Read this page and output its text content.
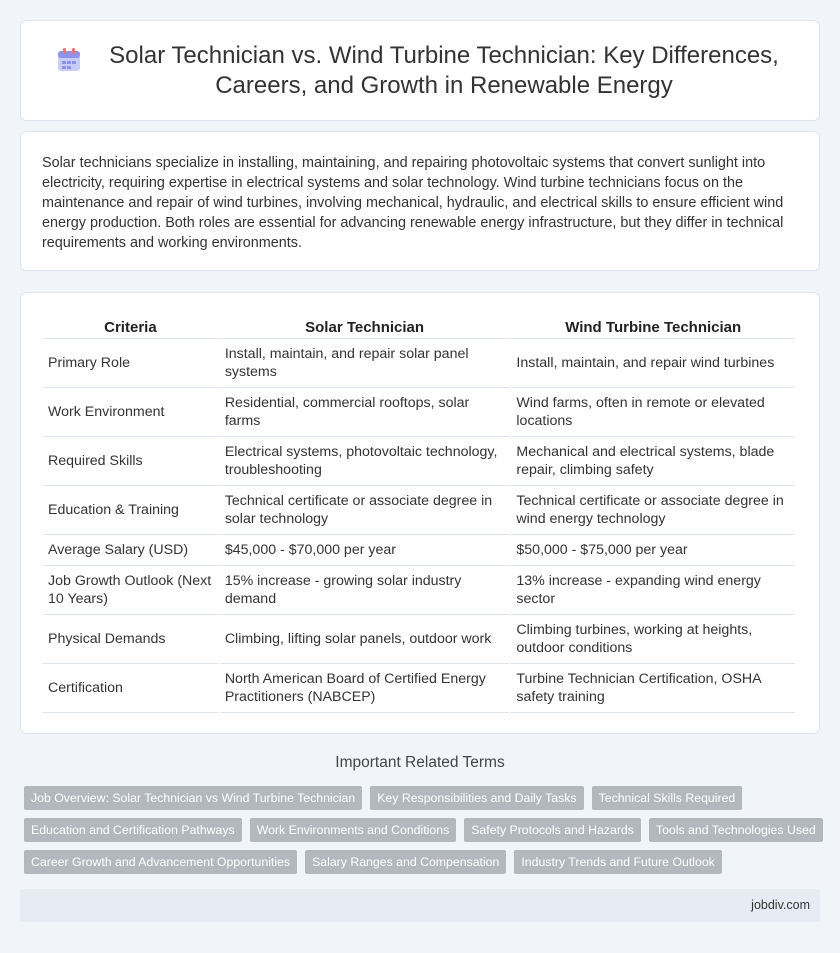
Solar Technician vs. Wind Turbine Technician: Key Differences, Careers, and Growth in Renewable Energy

Solar technicians specialize in installing, maintaining, and repairing photovoltaic systems that convert sunlight into electricity, requiring expertise in electrical systems and solar technology. Wind turbine technicians focus on the maintenance and repair of wind turbines, involving mechanical, hydraulic, and electrical skills to ensure efficient wind energy production. Both roles are essential for advancing renewable energy infrastructure, but they differ in technical requirements and working environments.

Criteria	Solar Technician	Wind Turbine Technician
Primary Role	Install, maintain, and repair solar panel systems	Install, maintain, and repair wind turbines
Work Environment	Residential, commercial rooftops, solar farms	Wind farms, often in remote or elevated locations
Required Skills	Electrical systems, photovoltaic technology, troubleshooting	Mechanical and electrical systems, blade repair, climbing safety
Education & Training	Technical certificate or associate degree in solar technology	Technical certificate or associate degree in wind energy technology
Average Salary (USD)	$45,000 - $70,000 per year	$50,000 - $75,000 per year
Job Growth Outlook (Next 10 Years)	15% increase - growing solar industry demand	13% increase - expanding wind energy sector
Physical Demands	Climbing, lifting solar panels, outdoor work	Climbing turbines, working at heights, outdoor conditions
Certification	North American Board of Certified Energy Practitioners (NABCEP)	Turbine Technician Certification, OSHA safety training
Important Related Terms
Job Overview: Solar Technician vs Wind Turbine Technician	Key Responsibilities and Daily Tasks	Technical Skills Required
Education and Certification Pathways	Work Environments and Conditions	Safety Protocols and Hazards	Tools and Technologies Used
Career Growth and Advancement Opportunities	Salary Ranges and Compensation	Industry Trends and Future Outlook
jobdiv.com
